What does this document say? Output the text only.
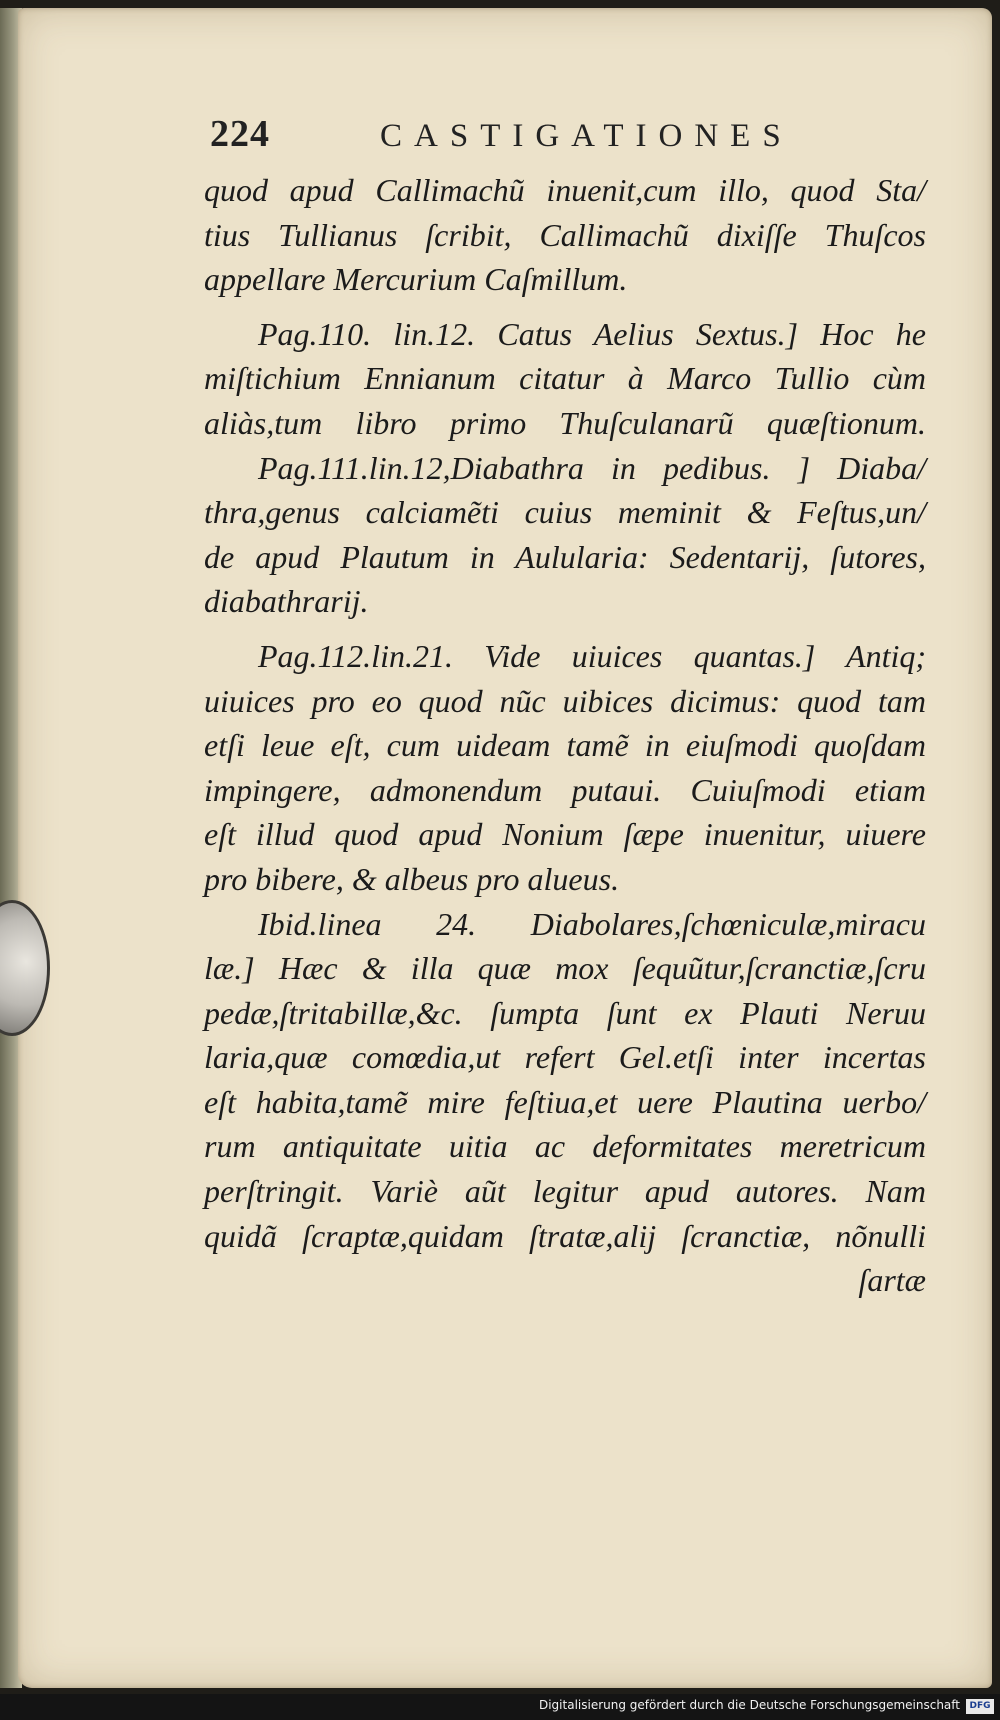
224	CASTIGATIONES
quod apud Callimachũ inuenit,cum illo, quod Sta/
tius Tullianus ſcribit, Callimachũ dixiſſe Thuſcos
appellare Mercurium Caſmillum.
Pag.110. lin.12. Catus Aelius Sextus.] Hoc he
miſtichium Ennianum citatur à Marco Tullio cùm
aliàs,tum libro primo Thuſculanarũ quæſtionum.
Pag.111.lin.12,Diabathra in pedibus. ] Diaba/
thra,genus calciamẽti cuius meminit & Feſtus,un/
de apud Plautum in Aulularia: Sedentarij, ſutores,
diabathrarij.
Pag.112.lin.21. Vide uiuices quantas.] Antiq;
uiuices pro eo quod nũc uibices dicimus: quod tam
etſi leue eſt, cum uideam tamẽ in eiuſmodi quoſdam
impingere, admonendum putaui. Cuiuſmodi etiam
eſt illud quod apud Nonium ſæpe inuenitur, uiuere
pro bibere, & albeus pro alueus.
Ibid.linea 24. Diabolares,ſchœniculæ,miracu
læ.] Hæc & illa quæ mox ſequũtur,ſcranctiæ,ſcru
pedæ,ſtritabillæ,&c. ſumpta ſunt ex Plauti Neruu
laria,quæ comœdia,ut refert Gel.etſi inter incertas
eſt habita,tamẽ mire feſtiua,et uere Plautina uerbo/
rum antiquitate uitia ac deformitates meretricum
perſtringit. Variè aũt legitur apud autores. Nam
quidã ſcraptæ,quidam ſtratæ,alij ſcranctiæ, nõnulli
ſartæ
Digitalisierung gefördert durch die Deutsche Forschungsgemeinschaft	DFG
